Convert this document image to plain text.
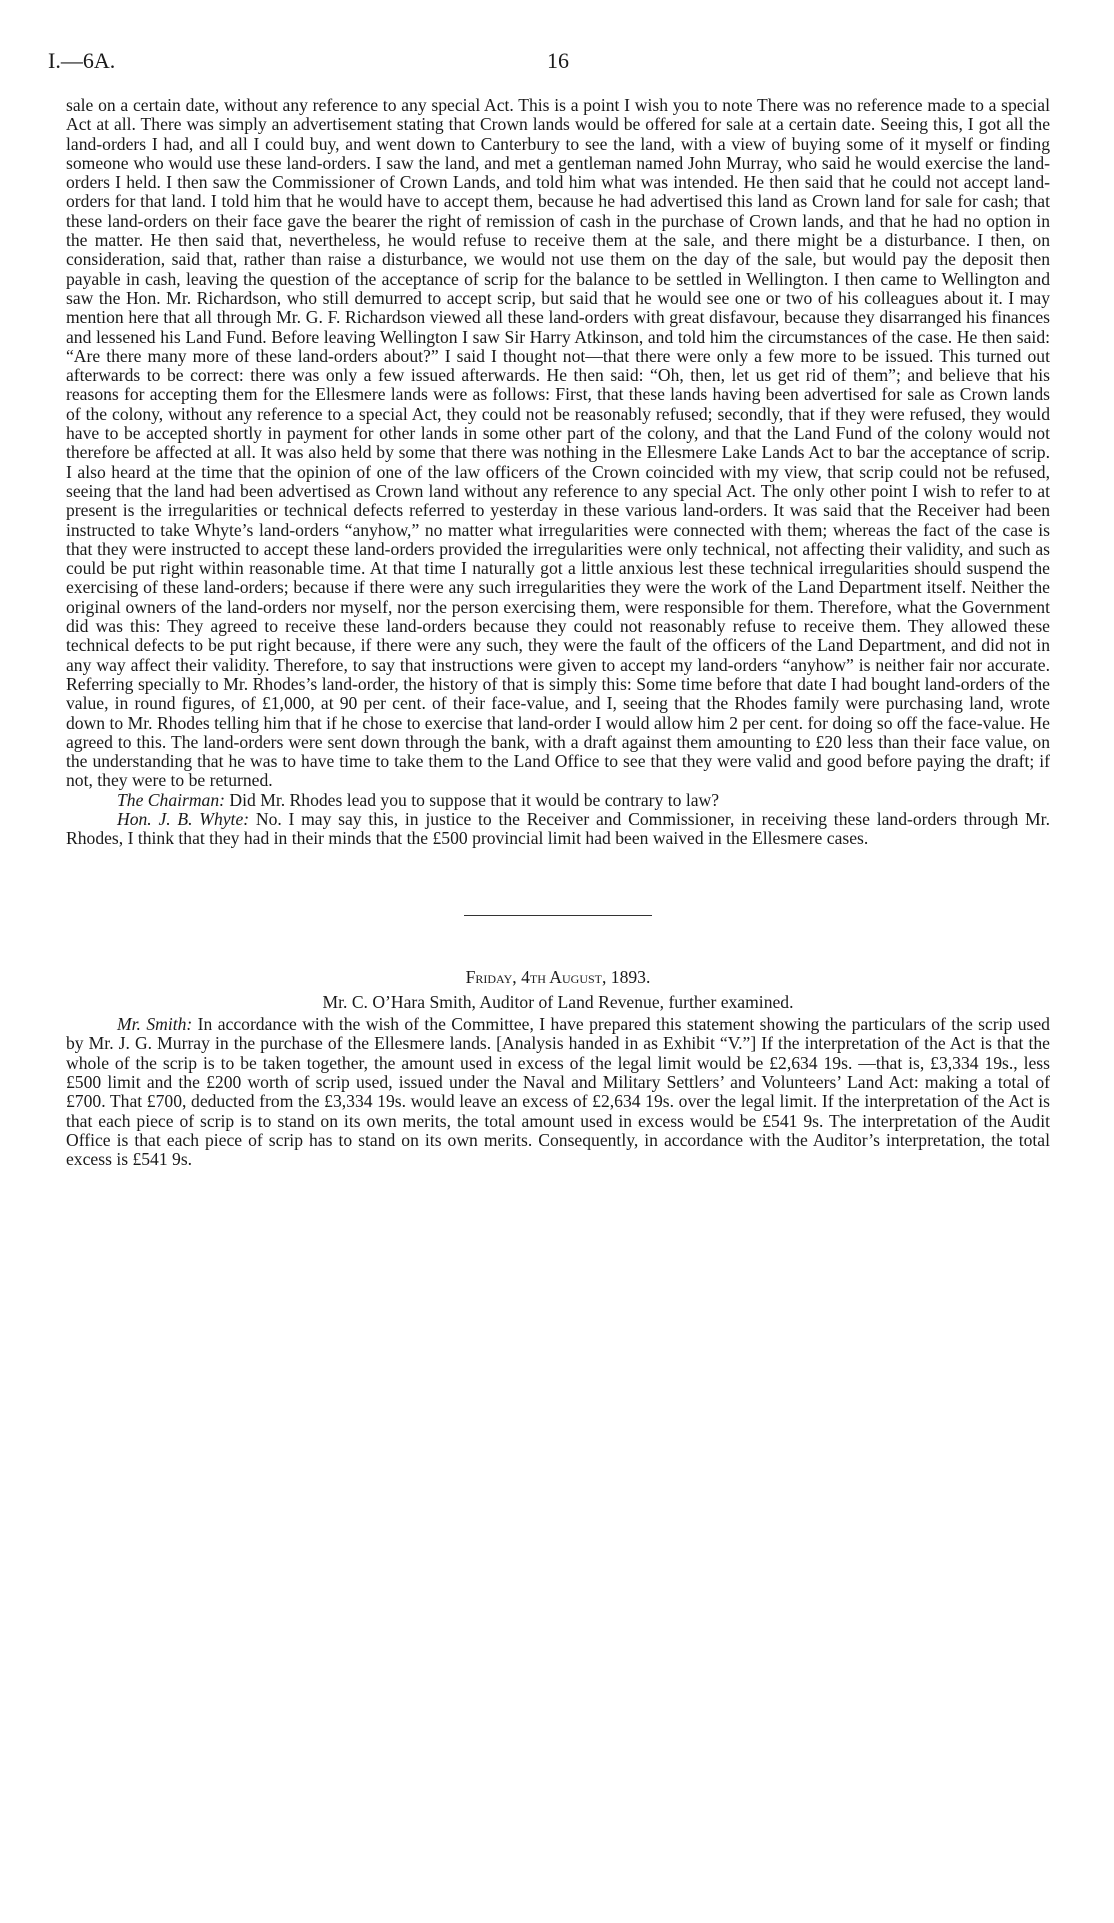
I.—6A.	16

sale on a certain date, without any reference to any special Act. This is a point I wish you to note There was no reference made to a special Act at all. There was simply an advertisement stating that Crown lands would be offered for sale at a certain date. Seeing this, I got all the land-orders I had, and all I could buy, and went down to Canterbury to see the land, with a view of buying some of it myself or finding someone who would use these land-orders. I saw the land, and met a gentleman named John Murray, who said he would exercise the land-orders I held. I then saw the Commissioner of Crown Lands, and told him what was intended. He then said that he could not accept land-orders for that land. I told him that he would have to accept them, because he had advertised this land as Crown land for sale for cash; that these land-orders on their face gave the bearer the right of remission of cash in the purchase of Crown lands, and that he had no option in the matter. He then said that, nevertheless, he would refuse to receive them at the sale, and there might be a disturbance. I then, on consideration, said that, rather than raise a disturbance, we would not use them on the day of the sale, but would pay the deposit then payable in cash, leaving the question of the acceptance of scrip for the balance to be settled in Wellington. I then came to Wellington and saw the Hon. Mr. Richardson, who still demurred to accept scrip, but said that he would see one or two of his colleagues about it. I may mention here that all through Mr. G. F. Richardson viewed all these land-orders with great disfavour, because they disarranged his finances and lessened his Land Fund. Before leaving Wellington I saw Sir Harry Atkinson, and told him the circumstances of the case. He then said: “Are there many more of these land-orders about?” I said I thought not—that there were only a few more to be issued. This turned out afterwards to be correct: there was only a few issued afterwards. He then said: “Oh, then, let us get rid of them”; and believe that his reasons for accepting them for the Ellesmere lands were as follows: First, that these lands having been advertised for sale as Crown lands of the colony, without any reference to a special Act, they could not be reasonably refused; secondly, that if they were refused, they would have to be accepted shortly in payment for other lands in some other part of the colony, and that the Land Fund of the colony would not therefore be affected at all. It was also held by some that there was nothing in the Ellesmere Lake Lands Act to bar the acceptance of scrip. I also heard at the time that the opinion of one of the law officers of the Crown coincided with my view, that scrip could not be refused, seeing that the land had been advertised as Crown land without any reference to any special Act. The only other point I wish to refer to at present is the irregularities or technical defects referred to yesterday in these various land-orders. It was said that the Receiver had been instructed to take Whyte’s land-orders “anyhow,” no matter what irregularities were connected with them; whereas the fact of the case is that they were instructed to accept these land-orders provided the irregularities were only technical, not affecting their validity, and such as could be put right within reasonable time. At that time I naturally got a little anxious lest these technical irregularities should suspend the exercising of these land-orders; because if there were any such irregularities they were the work of the Land Department itself. Neither the original owners of the land-orders nor myself, nor the person exercising them, were responsible for them. Therefore, what the Government did was this: They agreed to receive these land-orders because they could not reasonably refuse to receive them. They allowed these technical defects to be put right because, if there were any such, they were the fault of the officers of the Land Department, and did not in any way affect their validity. Therefore, to say that instructions were given to accept my land-orders “anyhow” is neither fair nor accurate. Referring specially to Mr. Rhodes’s land-order, the history of that is simply this: Some time before that date I had bought land-orders of the value, in round figures, of £1,000, at 90 per cent. of their face-value, and I, seeing that the Rhodes family were purchasing land, wrote down to Mr. Rhodes telling him that if he chose to exercise that land-order I would allow him 2 per cent. for doing so off the face-value. He agreed to this. The land-orders were sent down through the bank, with a draft against them amounting to £20 less than their face value, on the understanding that he was to have time to take them to the Land Office to see that they were valid and good before paying the draft; if not, they were to be returned.

The Chairman: Did Mr. Rhodes lead you to suppose that it would be contrary to law?

Hon. J. B. Whyte: No. I may say this, in justice to the Receiver and Commissioner, in receiving these land-orders through Mr. Rhodes, I think that they had in their minds that the £500 provincial limit had been waived in the Ellesmere cases.

Friday, 4th August, 1893.
Mr. C. O’Hara Smith, Auditor of Land Revenue, further examined.

Mr. Smith: In accordance with the wish of the Committee, I have prepared this statement showing the particulars of the scrip used by Mr. J. G. Murray in the purchase of the Ellesmere lands. [Analysis handed in as Exhibit “V.”] If the interpretation of the Act is that the whole of the scrip is to be taken together, the amount used in excess of the legal limit would be £2,634 19s. —that is, £3,334 19s., less £500 limit and the £200 worth of scrip used, issued under the Naval and Military Settlers’ and Volunteers’ Land Act: making a total of £700. That £700, deducted from the £3,334 19s. would leave an excess of £2,634 19s. over the legal limit. If the interpretation of the Act is that each piece of scrip is to stand on its own merits, the total amount used in excess would be £541 9s. The interpretation of the Audit Office is that each piece of scrip has to stand on its own merits. Consequently, in accordance with the Auditor’s interpretation, the total excess is £541 9s.
